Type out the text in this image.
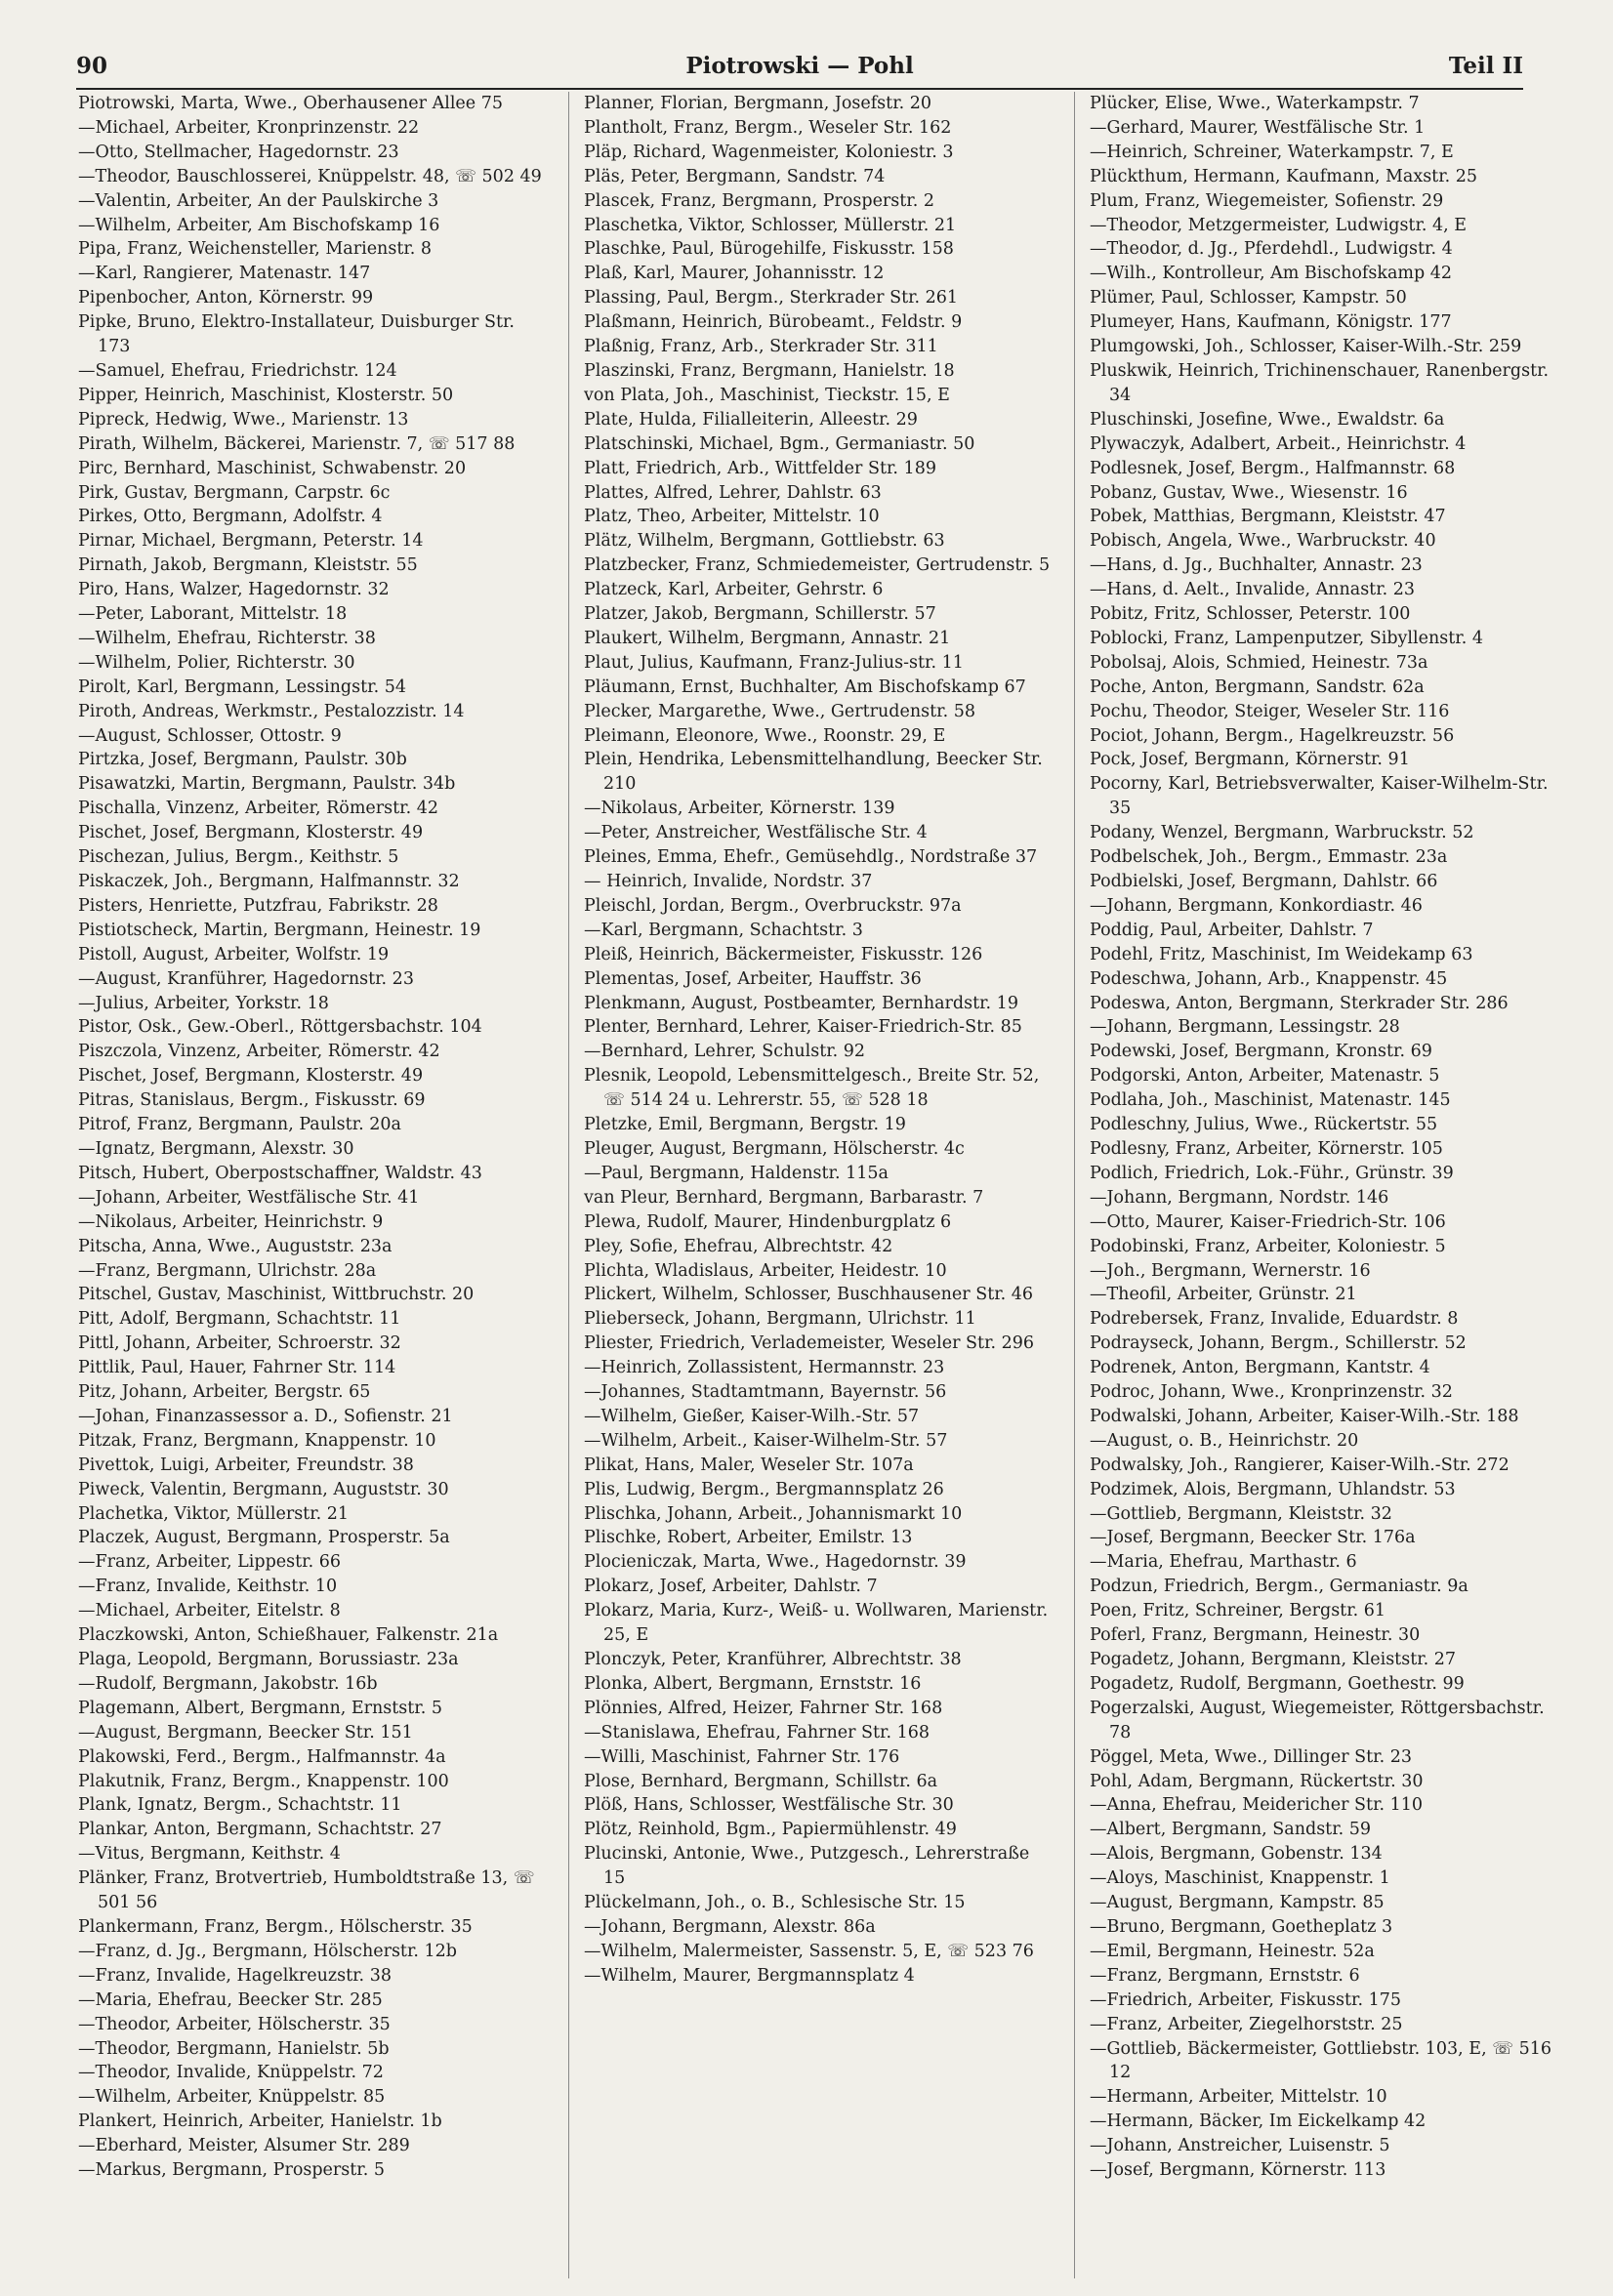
90	Piotrowski — Pohl	Teil II

Piotrowski, Marta, Wwe., Oberhausener Allee 75

—Michael, Arbeiter, Kronprinzenstr. 22

—Otto, Stellmacher, Hagedornstr. 23

—Theodor, Bauschlosserei, Knüppelstr. 48, ☏ 502 49

—Valentin, Arbeiter, An der Paulskirche 3

—Wilhelm, Arbeiter, Am Bischofskamp 16

Pipa, Franz, Weichensteller, Marienstr. 8

—Karl, Rangierer, Matenastr. 147

Pipenbocher, Anton, Körnerstr. 99

Pipke, Bruno, Elektro-Installateur, Duisburger Str. 173

—Samuel, Ehefrau, Friedrichstr. 124

Pipper, Heinrich, Maschinist, Klosterstr. 50

Pipreck, Hedwig, Wwe., Marienstr. 13

Pirath, Wilhelm, Bäckerei, Marienstr. 7, ☏ 517 88

Pirc, Bernhard, Maschinist, Schwabenstr. 20

Pirk, Gustav, Bergmann, Carpstr. 6c

Pirkes, Otto, Bergmann, Adolfstr. 4

Pirnar, Michael, Bergmann, Peterstr. 14

Pirnath, Jakob, Bergmann, Kleiststr. 55

Piro, Hans, Walzer, Hagedornstr. 32

—Peter, Laborant, Mittelstr. 18

—Wilhelm, Ehefrau, Richterstr. 38

—Wilhelm, Polier, Richterstr. 30

Pirolt, Karl, Bergmann, Lessingstr. 54

Piroth, Andreas, Werkmstr., Pestalozzistr. 14

—August, Schlosser, Ottostr. 9

Pirtzka, Josef, Bergmann, Paulstr. 30b

Pisawatzki, Martin, Bergmann, Paulstr. 34b

Pischalla, Vinzenz, Arbeiter, Römerstr. 42

Pischet, Josef, Bergmann, Klosterstr. 49

Pischezan, Julius, Bergm., Keithstr. 5

Piskaczek, Joh., Bergmann, Halfmannstr. 32

Pisters, Henriette, Putzfrau, Fabrikstr. 28

Pistiotscheck, Martin, Bergmann, Heinestr. 19

Pistoll, August, Arbeiter, Wolfstr. 19

—August, Kranführer, Hagedornstr. 23

—Julius, Arbeiter, Yorkstr. 18

Pistor, Osk., Gew.-Oberl., Röttgersbachstr. 104

Piszczola, Vinzenz, Arbeiter, Römerstr. 42

Pischet, Josef, Bergmann, Klosterstr. 49

Pitras, Stanislaus, Bergm., Fiskusstr. 69

Pitrof, Franz, Bergmann, Paulstr. 20a

—Ignatz, Bergmann, Alexstr. 30

Pitsch, Hubert, Oberpostschaffner, Waldstr. 43

—Johann, Arbeiter, Westfälische Str. 41

—Nikolaus, Arbeiter, Heinrichstr. 9

Pitscha, Anna, Wwe., Auguststr. 23a

—Franz, Bergmann, Ulrichstr. 28a

Pitschel, Gustav, Maschinist, Wittbruchstr. 20

Pitt, Adolf, Bergmann, Schachtstr. 11

Pittl, Johann, Arbeiter, Schroerstr. 32

Pittlik, Paul, Hauer, Fahrner Str. 114

Pitz, Johann, Arbeiter, Bergstr. 65

—Johan, Finanzassessor a. D., Sofienstr. 21

Pitzak, Franz, Bergmann, Knappenstr. 10

Pivettok, Luigi, Arbeiter, Freundstr. 38

Piweck, Valentin, Bergmann, Auguststr. 30

Plachetka, Viktor, Müllerstr. 21

Placzek, August, Bergmann, Prosperstr. 5a

—Franz, Arbeiter, Lippestr. 66

—Franz, Invalide, Keithstr. 10

—Michael, Arbeiter, Eitelstr. 8

Placzkowski, Anton, Schießhauer, Falkenstr. 21a

Plaga, Leopold, Bergmann, Borussiastr. 23a

—Rudolf, Bergmann, Jakobstr. 16b

Plagemann, Albert, Bergmann, Ernststr. 5

—August, Bergmann, Beecker Str. 151

Plakowski, Ferd., Bergm., Halfmannstr. 4a

Plakutnik, Franz, Bergm., Knappenstr. 100

Plank, Ignatz, Bergm., Schachtstr. 11

Plankar, Anton, Bergmann, Schachtstr. 27

—Vitus, Bergmann, Keithstr. 4

Plänker, Franz, Brotvertrieb, Humboldtstraße 13, ☏ 501 56

Plankermann, Franz, Bergm., Hölscherstr. 35

—Franz, d. Jg., Bergmann, Hölscherstr. 12b

—Franz, Invalide, Hagelkreuzstr. 38

—Maria, Ehefrau, Beecker Str. 285

—Theodor, Arbeiter, Hölscherstr. 35

—Theodor, Bergmann, Hanielstr. 5b

—Theodor, Invalide, Knüppelstr. 72

—Wilhelm, Arbeiter, Knüppelstr. 85

Plankert, Heinrich, Arbeiter, Hanielstr. 1b

—Eberhard, Meister, Alsumer Str. 289

—Markus, Bergmann, Prosperstr. 5

Planner, Florian, Bergmann, Josefstr. 20

Plantholt, Franz, Bergm., Weseler Str. 162

Pläp, Richard, Wagenmeister, Koloniestr. 3

Pläs, Peter, Bergmann, Sandstr. 74

Plascek, Franz, Bergmann, Prosperstr. 2

Plaschetka, Viktor, Schlosser, Müllerstr. 21

Plaschke, Paul, Bürogehilfe, Fiskusstr. 158

Plaß, Karl, Maurer, Johannisstr. 12

Plassing, Paul, Bergm., Sterkrader Str. 261

Plaßmann, Heinrich, Bürobeamt., Feldstr. 9

Plaßnig, Franz, Arb., Sterkrader Str. 311

Plaszinski, Franz, Bergmann, Hanielstr. 18

von Plata, Joh., Maschinist, Tieckstr. 15, E

Plate, Hulda, Filialleiterin, Alleestr. 29

Platschinski, Michael, Bgm., Germaniastr. 50

Platt, Friedrich, Arb., Wittfelder Str. 189

Plattes, Alfred, Lehrer, Dahlstr. 63

Platz, Theo, Arbeiter, Mittelstr. 10

Plätz, Wilhelm, Bergmann, Gottliebstr. 63

Platzbecker, Franz, Schmiedemeister, Gertrudenstr. 5

Platzeck, Karl, Arbeiter, Gehrstr. 6

Platzer, Jakob, Bergmann, Schillerstr. 57

Plaukert, Wilhelm, Bergmann, Annastr. 21

Plaut, Julius, Kaufmann, Franz-Julius-str. 11

Pläumann, Ernst, Buchhalter, Am Bischofskamp 67

Plecker, Margarethe, Wwe., Gertrudenstr. 58

Pleimann, Eleonore, Wwe., Roonstr. 29, E

Plein, Hendrika, Lebensmittelhandlung, Beecker Str. 210

—Nikolaus, Arbeiter, Körnerstr. 139

—Peter, Anstreicher, Westfälische Str. 4

Pleines, Emma, Ehefr., Gemüsehdlg., Nordstraße 37

— Heinrich, Invalide, Nordstr. 37

Pleischl, Jordan, Bergm., Overbruckstr. 97a

—Karl, Bergmann, Schachtstr. 3

Pleiß, Heinrich, Bäckermeister, Fiskusstr. 126

Plementas, Josef, Arbeiter, Hauffstr. 36

Plenkmann, August, Postbeamter, Bernhardstr. 19

Plenter, Bernhard, Lehrer, Kaiser-Friedrich-Str. 85

—Bernhard, Lehrer, Schulstr. 92

Plesnik, Leopold, Lebensmittelgesch., Breite Str. 52, ☏ 514 24 u. Lehrerstr. 55, ☏ 528 18

Pletzke, Emil, Bergmann, Bergstr. 19

Pleuger, August, Bergmann, Hölscherstr. 4c

—Paul, Bergmann, Haldenstr. 115a

van Pleur, Bernhard, Bergmann, Barbarastr. 7

Plewa, Rudolf, Maurer, Hindenburgplatz 6

Pley, Sofie, Ehefrau, Albrechtstr. 42

Plichta, Wladislaus, Arbeiter, Heidestr. 10

Plickert, Wilhelm, Schlosser, Buschhausener Str. 46

Plieberseck, Johann, Bergmann, Ulrichstr. 11

Pliester, Friedrich, Verlademeister, Weseler Str. 296

—Heinrich, Zollassistent, Hermannstr. 23

—Johannes, Stadtamtmann, Bayernstr. 56

—Wilhelm, Gießer, Kaiser-Wilh.-Str. 57

—Wilhelm, Arbeit., Kaiser-Wilhelm-Str. 57

Plikat, Hans, Maler, Weseler Str. 107a

Plis, Ludwig, Bergm., Bergmannsplatz 26

Plischka, Johann, Arbeit., Johannismarkt 10

Plischke, Robert, Arbeiter, Emilstr. 13

Plocieniczak, Marta, Wwe., Hagedornstr. 39

Plokarz, Josef, Arbeiter, Dahlstr. 7

Plokarz, Maria, Kurz-, Weiß- u. Wollwaren, Marienstr. 25, E

Plonczyk, Peter, Kranführer, Albrechtstr. 38

Plonka, Albert, Bergmann, Ernststr. 16

Plönnies, Alfred, Heizer, Fahrner Str. 168

—Stanislawa, Ehefrau, Fahrner Str. 168

—Willi, Maschinist, Fahrner Str. 176

Plose, Bernhard, Bergmann, Schillstr. 6a

Plöß, Hans, Schlosser, Westfälische Str. 30

Plötz, Reinhold, Bgm., Papiermühlenstr. 49

Plucinski, Antonie, Wwe., Putzgesch., Lehrerstraße 15

Plückelmann, Joh., o. B., Schlesische Str. 15

—Johann, Bergmann, Alexstr. 86a

—Wilhelm, Malermeister, Sassenstr. 5, E, ☏ 523 76

—Wilhelm, Maurer, Bergmannsplatz 4

Plücker, Elise, Wwe., Waterkampstr. 7

—Gerhard, Maurer, Westfälische Str. 1

—Heinrich, Schreiner, Waterkampstr. 7, E

Plückthum, Hermann, Kaufmann, Maxstr. 25

Plum, Franz, Wiegemeister, Sofienstr. 29

—Theodor, Metzgermeister, Ludwigstr. 4, E

—Theodor, d. Jg., Pferdehdl., Ludwigstr. 4

—Wilh., Kontrolleur, Am Bischofskamp 42

Plümer, Paul, Schlosser, Kampstr. 50

Plumeyer, Hans, Kaufmann, Königstr. 177

Plumgowski, Joh., Schlosser, Kaiser-Wilh.-Str. 259

Pluskwik, Heinrich, Trichinenschauer, Ranenbergstr. 34

Pluschinski, Josefine, Wwe., Ewaldstr. 6a

Plywaczyk, Adalbert, Arbeit., Heinrichstr. 4

Podlesnek, Josef, Bergm., Halfmannstr. 68

Pobanz, Gustav, Wwe., Wiesenstr. 16

Pobek, Matthias, Bergmann, Kleiststr. 47

Pobisch, Angela, Wwe., Warbruckstr. 40

—Hans, d. Jg., Buchhalter, Annastr. 23

—Hans, d. Aelt., Invalide, Annastr. 23

Pobitz, Fritz, Schlosser, Peterstr. 100

Poblocki, Franz, Lampenputzer, Sibyllenstr. 4

Pobolsaj, Alois, Schmied, Heinestr. 73a

Poche, Anton, Bergmann, Sandstr. 62a

Pochu, Theodor, Steiger, Weseler Str. 116

Pociot, Johann, Bergm., Hagelkreuzstr. 56

Pock, Josef, Bergmann, Körnerstr. 91

Pocorny, Karl, Betriebsverwalter, Kaiser-Wilhelm-Str. 35

Podany, Wenzel, Bergmann, Warbruckstr. 52

Podbelschek, Joh., Bergm., Emmastr. 23a

Podbielski, Josef, Bergmann, Dahlstr. 66

—Johann, Bergmann, Konkordiastr. 46

Poddig, Paul, Arbeiter, Dahlstr. 7

Podehl, Fritz, Maschinist, Im Weidekamp 63

Podeschwa, Johann, Arb., Knappenstr. 45

Podeswa, Anton, Bergmann, Sterkrader Str. 286

—Johann, Bergmann, Lessingstr. 28

Podewski, Josef, Bergmann, Kronstr. 69

Podgorski, Anton, Arbeiter, Matenastr. 5

Podlaha, Joh., Maschinist, Matenastr. 145

Podleschny, Julius, Wwe., Rückertstr. 55

Podlesny, Franz, Arbeiter, Körnerstr. 105

Podlich, Friedrich, Lok.-Führ., Grünstr. 39

—Johann, Bergmann, Nordstr. 146

—Otto, Maurer, Kaiser-Friedrich-Str. 106

Podobinski, Franz, Arbeiter, Koloniestr. 5

—Joh., Bergmann, Wernerstr. 16

—Theofil, Arbeiter, Grünstr. 21

Podrebersek, Franz, Invalide, Eduardstr. 8

Podrayseck, Johann, Bergm., Schillerstr. 52

Podrenek, Anton, Bergmann, Kantstr. 4

Podroc, Johann, Wwe., Kronprinzenstr. 32

Podwalski, Johann, Arbeiter, Kaiser-Wilh.-Str. 188

—August, o. B., Heinrichstr. 20

Podwalsky, Joh., Rangierer, Kaiser-Wilh.-Str. 272

Podzimek, Alois, Bergmann, Uhlandstr. 53

—Gottlieb, Bergmann, Kleiststr. 32

—Josef, Bergmann, Beecker Str. 176a

—Maria, Ehefrau, Marthastr. 6

Podzun, Friedrich, Bergm., Germaniastr. 9a

Poen, Fritz, Schreiner, Bergstr. 61

Poferl, Franz, Bergmann, Heinestr. 30

Pogadetz, Johann, Bergmann, Kleiststr. 27

Pogadetz, Rudolf, Bergmann, Goethestr. 99

Pogerzalski, August, Wiegemeister, Röttgersbachstr. 78

Pöggel, Meta, Wwe., Dillinger Str. 23

Pohl, Adam, Bergmann, Rückertstr. 30

—Anna, Ehefrau, Meidericher Str. 110

—Albert, Bergmann, Sandstr. 59

—Alois, Bergmann, Gobenstr. 134

—Aloys, Maschinist, Knappenstr. 1

—August, Bergmann, Kampstr. 85

—Bruno, Bergmann, Goetheplatz 3

—Emil, Bergmann, Heinestr. 52a

—Franz, Bergmann, Ernststr. 6

—Friedrich, Arbeiter, Fiskusstr. 175

—Franz, Arbeiter, Ziegelhorststr. 25

—Gottlieb, Bäckermeister, Gottliebstr. 103, E, ☏ 516 12

—Hermann, Arbeiter, Mittelstr. 10

—Hermann, Bäcker, Im Eickelkamp 42

—Johann, Anstreicher, Luisenstr. 5

—Josef, Bergmann, Körnerstr. 113
